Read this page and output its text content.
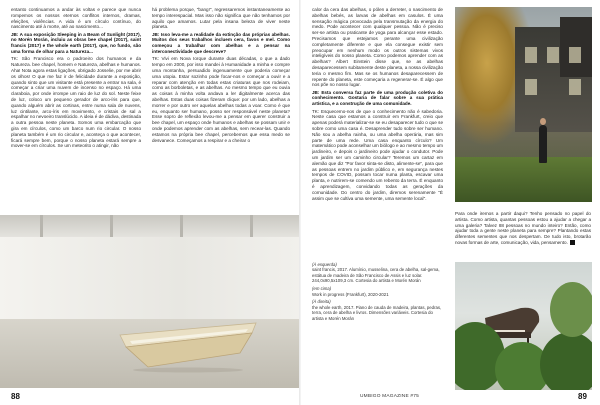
entanto continuamos a andar às voltas e parece que nunca rompemos os nossos eternos conflitos internos, dramas, efeições, violências. A vida é um círculo contínuo, do nascimento até à morte, até ao nascimento...

JB: A sua exposição Sleeping in a Beam of Sunlight (2017), no Morén Morán, incluiu as obras bee chapel (2017), saint francis (2017) e the whole earth (2017), que, no fundo, são uma forma de olhar para a Natureza...

TK: São Francisco era o padroeiro dos humanos e da Natureza. bee chapel, homem e Natureza, abelhas e humanos. Aha! Nota agora estas ligações, obrigado Josselie, por me abrir os olhos! O que me faz ir de felicidade durante a exposição, quando sinto que um visitante está presente a entrar na sala, é começar a criar uma nuvem de incenso no espaço. Há uma claraboia, por onde irrompe um raio de luz do sol. Neste feixe de luz, coloco um pequeno gerador de arco-íris para que, quando alguém abrir as cortinas, entre numa sala de nuvens, luz cintilante, arco-íris em movimento, e cristais de sal a espalhar no nevoeiro translúcido. A ideia é de dádiva, destinada a outra pessoa neste planeta. Somos uma embarcação que gira em círculos, como um barco num rio circular. O nosso planeta também é um rio circular e, aconteça o que acontecer, ficará sempre bem, porque o nosso planeta estará sempre a mover-se em círculos. Se um meteorito o atingir, não

há problema porque, "bang!", regressaremos instantaneamente ao tempo interespacial. Mas isso não significa que não tenhamos por aquilo que amamos. Lutar pela insana beleza de viver neste planeta.

JB: Isso leva-me a realidade da extinção das próprias abelhas. Muitos dos seus trabalhos incluem cera, favos e mel. Como começou a trabalhar com abelhas e a pensar na interconectividade que descreve?

TK: Vivi em Nova Iorque durante duas décadas, o que a dado tempo em 2000, por isso mandei à Humanidade a minha e compre uma montanha, persuadido ingenuamente que poderia começar uma utopia. Estar sozinho pode focar-nos e começar a ouvir e a reparar com atenção em todas estas criaturas que nos rodeiam, como as borboletas, e as abelhas. Ao mesmo tempo que eu ouvia as coisas à minha volta andava a ler digitalmente acerca das abelhas. Estas duas coisas fizeram clique: por um lado, abelhas a morrer e por outro ver aquelas abelhas todas a voar. Como é que eu, enquanto ser humano, posso ser responsável neste planeta? Esse sopro de reflexão levou-me a pensar em querer construir a bee chapel, um espaço onde humanos e abelhas se possam unir e onde podemos aprender com as abelhas, sem recear-las. Quando estamos na própria bee chapel, percebemos que essa medo se desvanece. Começamos a respirar e a cheirar o

88

calor da cera das abelhas, o pólen a derreter, o nascimento de abelhas bebés, as larvas de abelhas em casulos. É uma sensação mágica provocada pela transmutação da energia do medo. Pode acontecer com qualquer pessoa. Não é preciso ser-se artista ou praticante de yoga para alcançar esse estado. Precisamos que estejamos perante uma civilização completamente diferente e que ela consegue existir sem preocupar em nenhum modo os outros sistemas vivos inteligíveis do nosso planeta. Como podemos aprender com as abelhas? Albert Einstein disse que, se as abelhas desaparecessem subitamente deste planeta, a nossa civilização teria o mesmo fim. Mas se os humanos desaparecessem de repente do planeta, este começaria a regenerar-se. É algo que nos põe no nosso lugar.

JB: Esta conversa faz parte de uma produção coletiva do conhecimento. Gostaria de falar sobre a sua prática artística, e a construção de uma comunidade.

TK: Esquecemo-nos de que o conhecimento não é sabedoria. Neste casa que estamos a construir em Frankfurt, creio que apenas poderá materializar-se se eu desaparecer tudo o que se sobre como uma casa é. Desaprender tudo sobre ser humano. Não sou a abelha rainha, ou uma abelha operária, mas sim parte de uma rede. Uma casa enquanto círculo? Um matemático pode aconselhar um biólogo e ao mesmo tempo um jardineiro, e depois o jardineiro pode ajudar o condutor. Pode um jardim ser um caminho circular? Teremos um cartaz em alemão que diz "Por favor sinta-se disto, alimente-se", para que as pessoas entrem no jardim público e, em segurança nestes tempos de COVID, possam tocar numa planta, escavar uma planta, e nutrirem-se comendo um rebento da terra. É enquanto é aprendizagem, convidando todas as gerações da comunidade. Do centro do jardim, diremos serenamente "É assim que se cultiva uma semente, uma semente local".

Para onde iremos a partir daqui? Tenho pensado no papel do artista. Como artista, quantas pessoas estou a ajudar a chegar a uma galeria? Talvez 88 pessoas no mundo inteiro? Então, como ajudar toda a gente neste planeta para sempre? Plantando estas diferentes sementes que nos despertam. De tudo isto, brotarão novas formas de arte, comunicação, vida, pensamento.

(À esquerda)
saint francis, 2017. Alumínio, musselina, cera de abelha, sal-gema, estátua de madeira de São Francisco de Assis e luz solar. 244,0x90,5x109,3 cm. Cortesia do artista e Morén Morán

(em cima)
Work in progress (Frankfurt), 2020-2021

(À direita)
the whole earth, 2017. Piano de cauda de madeira, plantas, pedras, terra, cera de abelha e livros. Dimensões variáveis. Cortesia do artista e Morén Morán

UMBIGO MAGAZINE #75	89
